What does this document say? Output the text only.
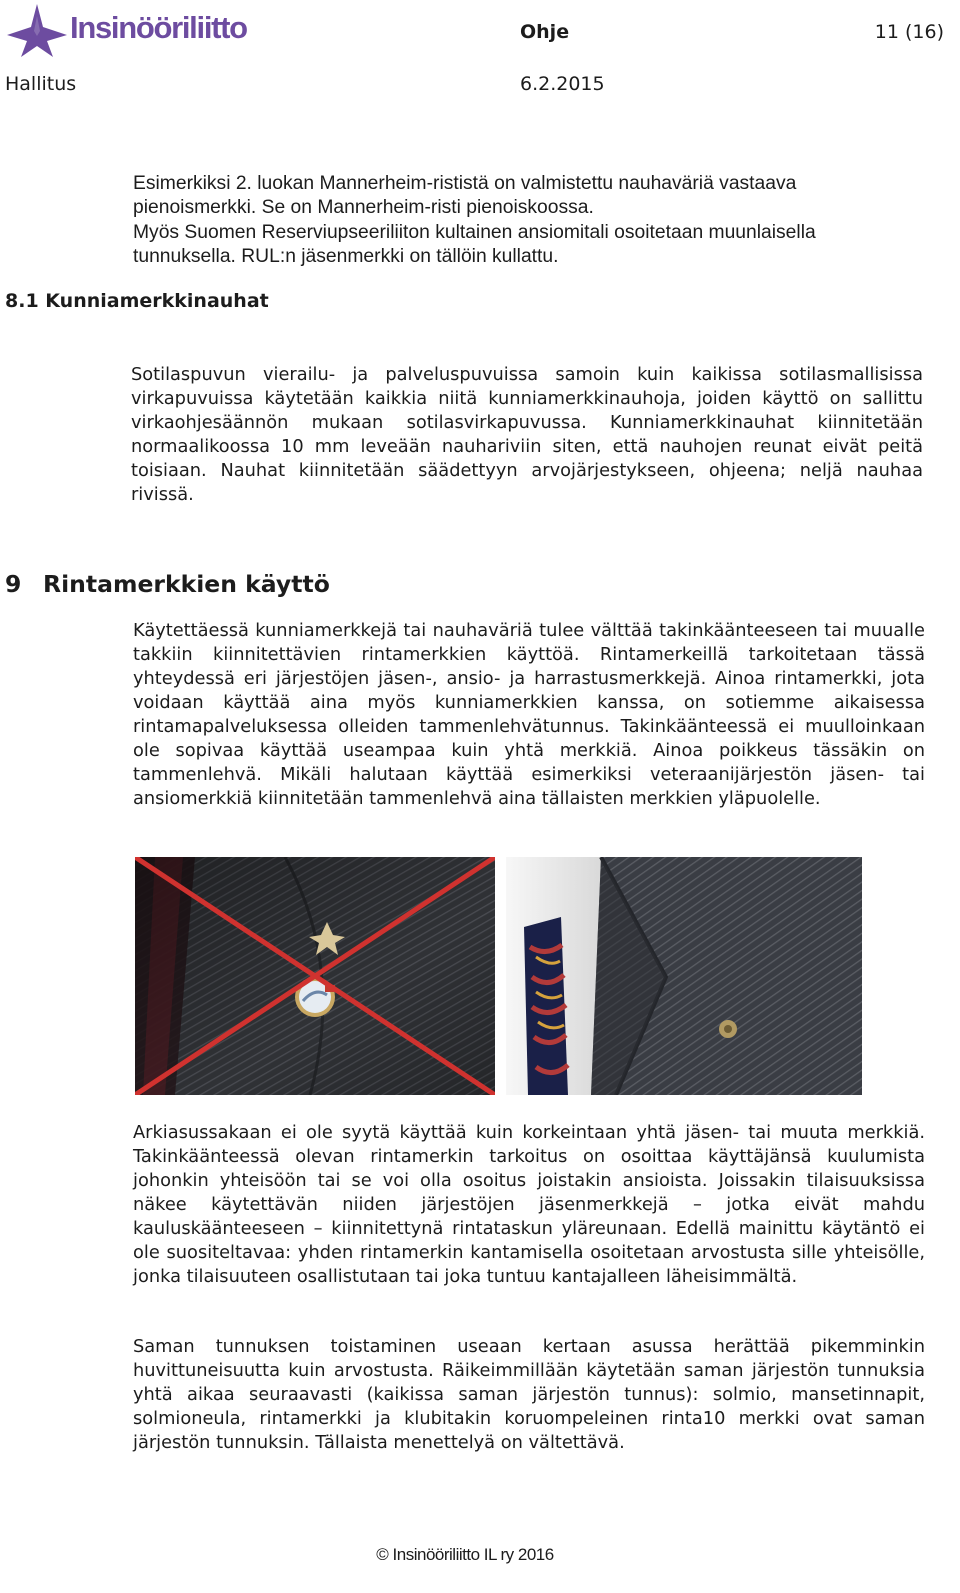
Insinööriliitto	Ohje	11 (16)
Hallitus	6.2.2015

Esimerkiksi 2. luokan Mannerheim-rististä on valmistettu nauhaväriä vastaava

pienoismerkki. Se on Mannerheim-risti pienoiskoossa.

Myös Suomen Reserviupseeriliiton kultainen ansiomitali osoitetaan muunlaisella

tunnuksella. RUL:n jäsenmerkki on tällöin kullattu.

8.1 Kunniamerkkinauhat

Sotilaspuvun vierailu- ja palveluspuvuissa samoin kuin kaikissa sotilasmallisissa virkapuvuissa käytetään kaikkia niitä kunniamerkkinauhoja, joiden käyttö on sallittu virkaohjesäännön mukaan sotilasvirkapuvussa. Kunniamerkkinauhat kiinnitetään normaalikoossa 10 mm leveään nauhariviin siten, että nauhojen reunat eivät peitä toisiaan. Nauhat kiinnitetään säädettyyn arvojärjestykseen, ohjeena; neljä nauhaa rivissä.

9 Rintamerkkien käyttö

Käytettäessä kunniamerkkejä tai nauhaväriä tulee välttää takinkäänteeseen tai muualle takkiin kiinnitettävien rintamerkkien käyttöä. Rintamerkeillä tarkoitetaan tässä yhteydessä eri järjestöjen jäsen-, ansio- ja harrastusmerkkejä. Ainoa rintamerkki, jota voidaan käyttää aina myös kunniamerkkien kanssa, on sotiemme aikaisessa rintamapalveluksessa olleiden tammenlehvätunnus. Takinkäänteessä ei muulloinkaan ole sopivaa käyttää useampaa kuin yhtä merkkiä. Ainoa poikkeus tässäkin on tammenlehvä. Mikäli halutaan käyttää esimerkiksi veteraanijärjestön jäsen- tai ansiomerkkiä kiinnitetään tammenlehvä aina tällaisten merkkien yläpuolelle.

Arkiasussakaan ei ole syytä käyttää kuin korkeintaan yhtä jäsen- tai muuta merkkiä. Takinkäänteessä olevan rintamerkin tarkoitus on osoittaa käyttäjänsä kuulumista johonkin yhteisöön tai se voi olla osoitus joistakin ansioista. Joissakin tilaisuuksissa näkee käytettävän niiden järjestöjen jäsenmerkkejä – jotka eivät mahdu kauluskäänteeseen – kiinnitettynä rintataskun yläreunaan. Edellä mainittu käytäntö ei ole suositeltavaa: yhden rintamerkin kantamisella osoitetaan arvostusta sille yhteisölle, jonka tilaisuuteen osallistutaan tai joka tuntuu kantajalleen läheisimmältä.

Saman tunnuksen toistaminen useaan kertaan asussa herättää pikemminkin huvittuneisuutta kuin arvostusta. Räikeimmillään käytetään saman järjestön tunnuksia yhtä aikaa seuraavasti (kaikissa saman järjestön tunnus): solmio, mansetinnapit, solmioneula, rintamerkki ja klubitakin koruompeleinen rinta10 merkki ovat saman järjestön tunnuksin. Tällaista menettelyä on vältettävä.

© Insinööriliitto IL ry 2016
